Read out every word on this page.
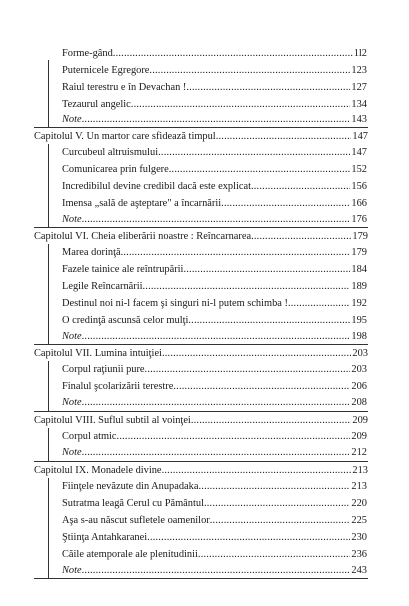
Forme-gând . . .	1l2
Puternicele Egregore . . .	123
Raiul terestru e în Devachan ! . . .	127
Tezaurul angelic . . .	134
Note . . .	143
Capitolul V. Un martor care sfidează timpul . . .	147
Curcubeul altruismului . . .	147
Comunicarea prin fulgere . . .	152
Incredibilul devine credibil dacă este explicat . . .	156
Imensa „sală de aşteptare" a încarnării . . .	166
Note . . .	176
Capitolul VI. Cheia eliberării noastre : Reîncarnarea . . .	179
Marea dorinţă . . .	179
Fazele tainice ale reîntrupării . . .	184
Legile Reîncarnării . . .	189
Destinul noi ni-l facem şi singuri ni-l putem schimba ! . . .	192
O credinţă ascunsă celor mulţi . . .	195
Note . . .	198
Capitolul VII. Lumina intuiţiei . . .	203
Corpul raţiunii pure . . .	203
Finalul şcolarizării terestre . . .	206
Note . . .	208
Capitolul VIII. Suflul subtil al voinţei . . .	209
Corpul atmic . . .	209
Note . . .	212
Capitolul IX. Monadele divine . . .	213
Fiinţele nevăzute din Anupadaka . . .	213
Sutratma leagă Cerul cu Pământul . . .	220
Aşa s-au născut sufletele oamenilor . . .	225
Ştiinţa Antahkaranei . . .	230
Căile atemporale ale plenitudinii . . .	236
Note . . .	243
